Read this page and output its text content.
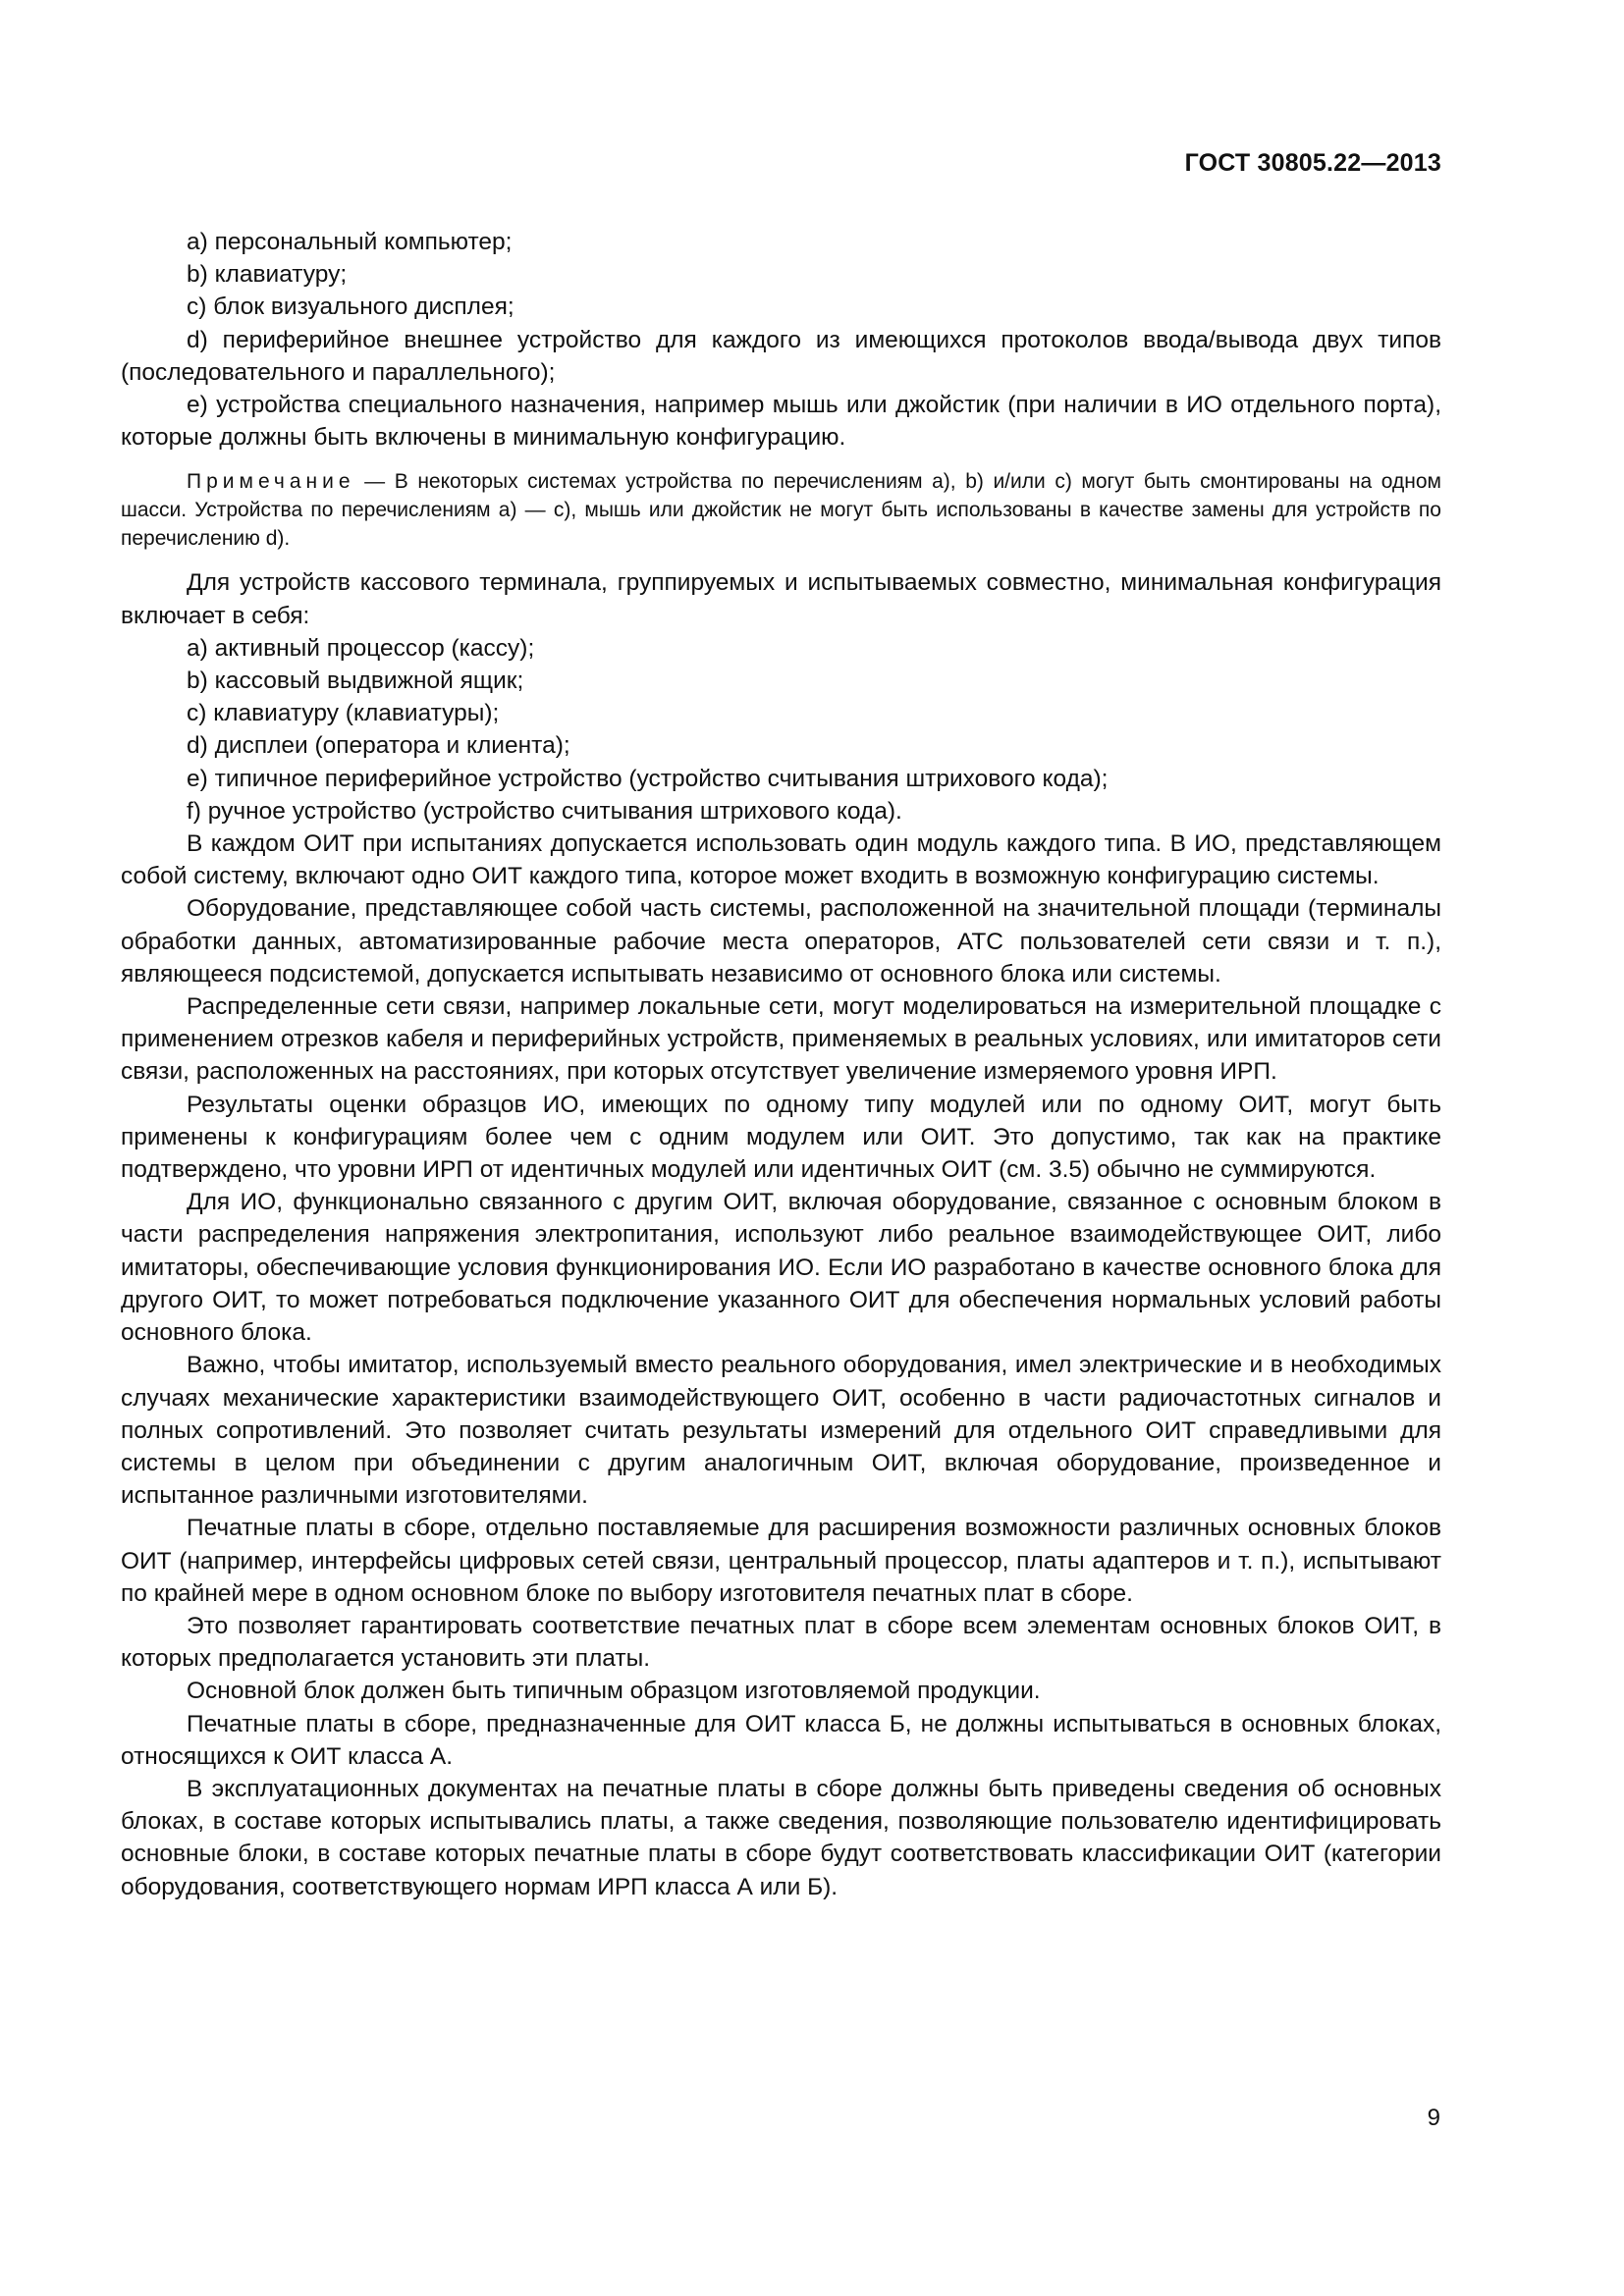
ГОСТ 30805.22—2013

a) персональный компьютер;

b) клавиатуру;

c) блок визуального дисплея;

d) периферийное внешнее устройство для каждого из имеющихся протоколов ввода/вывода двух типов (последовательного и параллельного);

e) устройства специального назначения, например мышь или джойстик (при наличии в ИО отдельного порта), которые должны быть включены в минимальную конфигурацию.

Примечание — В некоторых системах устройства по перечислениям a), b) и/или c) могут быть смонтированы на одном шасси. Устройства по перечислениям a) — c), мышь или джойстик не могут быть использованы в качестве замены для устройств по перечислению d).

Для устройств кассового терминала, группируемых и испытываемых совместно, минимальная конфигурация включает в себя:

a) активный процессор (кассу);

b) кассовый выдвижной ящик;

c) клавиатуру (клавиатуры);

d) дисплеи (оператора и клиента);

e) типичное периферийное устройство (устройство считывания штрихового кода);

f) ручное устройство (устройство считывания штрихового кода).

В каждом ОИТ при испытаниях допускается использовать один модуль каждого типа. В ИО, представляющем собой систему, включают одно ОИТ каждого типа, которое может входить в возможную конфигурацию системы.

Оборудование, представляющее собой часть системы, расположенной на значительной площади (терминалы обработки данных, автоматизированные рабочие места операторов, АТС пользователей сети связи и т. п.), являющееся подсистемой, допускается испытывать независимо от основного блока или системы.

Распределенные сети связи, например локальные сети, могут моделироваться на измерительной площадке с применением отрезков кабеля и периферийных устройств, применяемых в реальных условиях, или имитаторов сети связи, расположенных на расстояниях, при которых отсутствует увеличение измеряемого уровня ИРП.

Результаты оценки образцов ИО, имеющих по одному типу модулей или по одному ОИТ, могут быть применены к конфигурациям более чем с одним модулем или ОИТ. Это допустимо, так как на практике подтверждено, что уровни ИРП от идентичных модулей или идентичных ОИТ (см. 3.5) обычно не суммируются.

Для ИО, функционально связанного с другим ОИТ, включая оборудование, связанное с основным блоком в части распределения напряжения электропитания, используют либо реальное взаимодействующее ОИТ, либо имитаторы, обеспечивающие условия функционирования ИО. Если ИО разработано в качестве основного блока для другого ОИТ, то может потребоваться подключение указанного ОИТ для обеспечения нормальных условий работы основного блока.

Важно, чтобы имитатор, используемый вместо реального оборудования, имел электрические и в необходимых случаях механические характеристики взаимодействующего ОИТ, особенно в части радиочастотных сигналов и полных сопротивлений. Это позволяет считать результаты измерений для отдельного ОИТ справедливыми для системы в целом при объединении с другим аналогичным ОИТ, включая оборудование, произведенное и испытанное различными изготовителями.

Печатные платы в сборе, отдельно поставляемые для расширения возможности различных основных блоков ОИТ (например, интерфейсы цифровых сетей связи, центральный процессор, платы адаптеров и т. п.), испытывают по крайней мере в одном основном блоке по выбору изготовителя печатных плат в сборе.

Это позволяет гарантировать соответствие печатных плат в сборе всем элементам основных блоков ОИТ, в которых предполагается установить эти платы.

Основной блок должен быть типичным образцом изготовляемой продукции.

Печатные платы в сборе, предназначенные для ОИТ класса Б, не должны испытываться в основных блоках, относящихся к ОИТ класса А.

В эксплуатационных документах на печатные платы в сборе должны быть приведены сведения об основных блоках, в составе которых испытывались платы, а также сведения, позволяющие пользователю идентифицировать основные блоки, в составе которых печатные платы в сборе будут соответствовать классификации ОИТ (категории оборудования, соответствующего нормам ИРП класса А или Б).

9
